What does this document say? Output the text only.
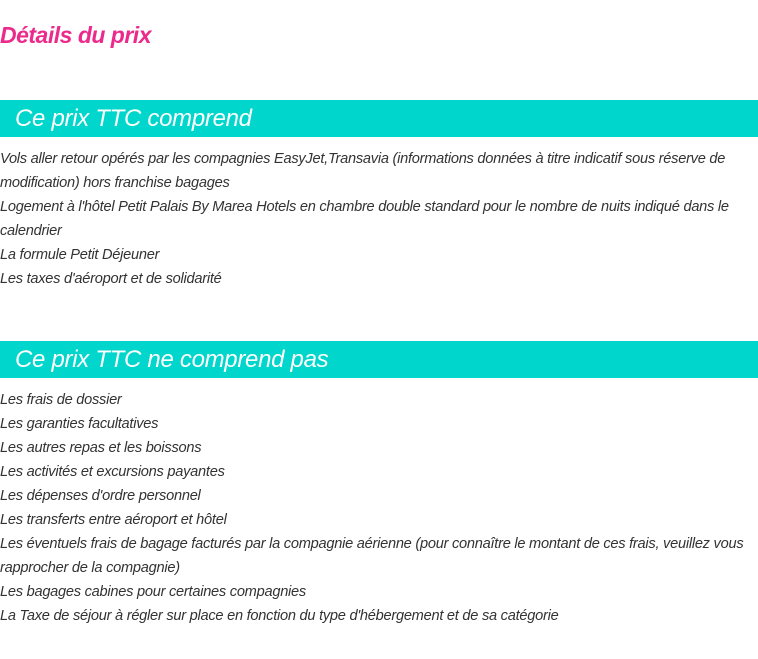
Détails du prix
Ce prix TTC comprend
Vols aller retour opérés par les compagnies EasyJet,Transavia (informations données à titre indicatif sous réserve de modification) hors franchise bagages
Logement à l'hôtel Petit Palais By Marea Hotels en chambre double standard pour le nombre de nuits indiqué dans le calendrier
La formule Petit Déjeuner
Les taxes d'aéroport et de solidarité
Ce prix TTC ne comprend pas
Les frais de dossier
Les garanties facultatives
Les autres repas et les boissons
Les activités et excursions payantes
Les dépenses d'ordre personnel
Les transferts entre aéroport et hôtel
Les éventuels frais de bagage facturés par la compagnie aérienne (pour connaître le montant de ces frais, veuillez vous rapprocher de la compagnie)
Les bagages cabines pour certaines compagnies
La Taxe de séjour à régler sur place en fonction du type d'hébergement et de sa catégorie
